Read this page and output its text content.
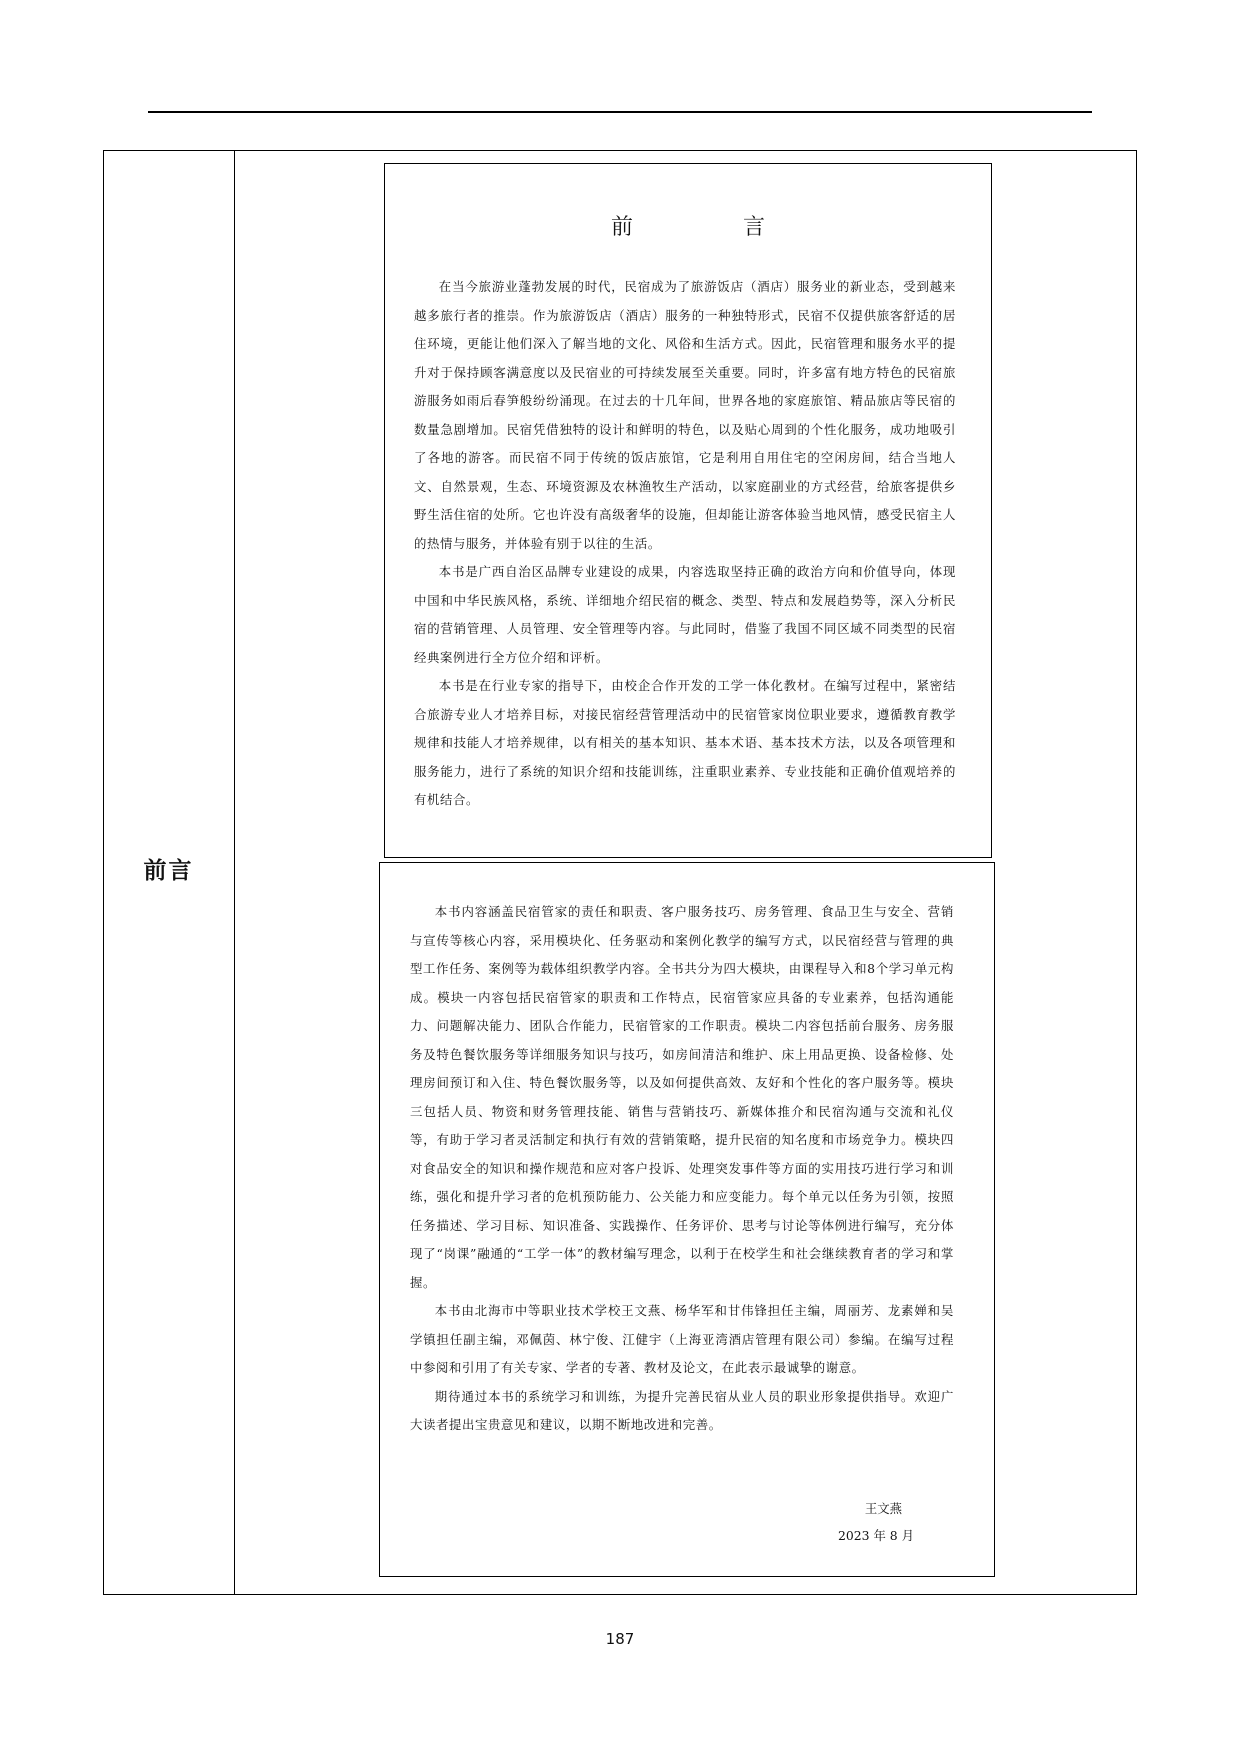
前言
前　言

在当今旅游业蓬勃发展的时代，民宿成为了旅游饭店（酒店）服务业的新业态，受到越来越多旅行者的推崇。作为旅游饭店（酒店）服务的一种独特形式，民宿不仅提供旅客舒适的居住环境，更能让他们深入了解当地的文化、风俗和生活方式。因此，民宿管理和服务水平的提升对于保持顾客满意度以及民宿业的可持续发展至关重要。同时，许多富有地方特色的民宿旅游服务如雨后春笋般纷纷涌现。在过去的十几年间，世界各地的家庭旅馆、精品旅店等民宿的数量急剧增加。民宿凭借独特的设计和鲜明的特色，以及贴心周到的个性化服务，成功地吸引了各地的游客。而民宿不同于传统的饭店旅馆，它是利用自用住宅的空闲房间，结合当地人文、自然景观，生态、环境资源及农林渔牧生产活动，以家庭副业的方式经营，给旅客提供乡野生活住宿的处所。它也许没有高级奢华的设施，但却能让游客体验当地风情，感受民宿主人的热情与服务，并体验有别于以往的生活。

本书是广西自治区品牌专业建设的成果，内容选取坚持正确的政治方向和价值导向，体现中国和中华民族风格，系统、详细地介绍民宿的概念、类型、特点和发展趋势等，深入分析民宿的营销管理、人员管理、安全管理等内容。与此同时，借鉴了我国不同区域不同类型的民宿经典案例进行全方位介绍和评析。

本书是在行业专家的指导下，由校企合作开发的工学一体化教材。在编写过程中，紧密结合旅游专业人才培养目标，对接民宿经营管理活动中的民宿管家岗位职业要求，遵循教育教学规律和技能人才培养规律，以有相关的基本知识、基本术语、基本技术方法，以及各项管理和服务能力，进行了系统的知识介绍和技能训练，注重职业素养、专业技能和正确价值观培养的有机结合。

本书内容涵盖民宿管家的责任和职责、客户服务技巧、房务管理、食品卫生与安全、营销与宣传等核心内容，采用模块化、任务驱动和案例化教学的编写方式，以民宿经营与管理的典型工作任务、案例等为载体组织教学内容。全书共分为四大模块，由课程导入和8个学习单元构成。模块一内容包括民宿管家的职责和工作特点，民宿管家应具备的专业素养，包括沟通能力、问题解决能力、团队合作能力，民宿管家的工作职责。模块二内容包括前台服务、房务服务及特色餐饮服务等详细服务知识与技巧，如房间清洁和维护、床上用品更换、设备检修、处理房间预订和入住、特色餐饮服务等，以及如何提供高效、友好和个性化的客户服务等。模块三包括人员、物资和财务管理技能、销售与营销技巧、新媒体推介和民宿沟通与交流和礼仪等，有助于学习者灵活制定和执行有效的营销策略，提升民宿的知名度和市场竞争力。模块四对食品安全的知识和操作规范和应对客户投诉、处理突发事件等方面的实用技巧进行学习和训练，强化和提升学习者的危机预防能力、公关能力和应变能力。每个单元以任务为引领，按照任务描述、学习目标、知识准备、实践操作、任务评价、思考与讨论等体例进行编写，充分体现了“岗课”融通的“工学一体”的教材编写理念，以利于在校学生和社会继续教育者的学习和掌握。

本书由北海市中等职业技术学校王文燕、杨华军和甘伟锋担任主编，周丽芳、龙素婵和吴学镇担任副主编，邓佩茵、林宁俊、江健宇（上海亚湾酒店管理有限公司）参编。在编写过程中参阅和引用了有关专家、学者的专著、教材及论文，在此表示最诚挚的谢意。

期待通过本书的系统学习和训练，为提升完善民宿从业人员的职业形象提供指导。欢迎广大读者提出宝贵意见和建议，以期不断地改进和完善。

王文燕
2023 年 8 月
187
